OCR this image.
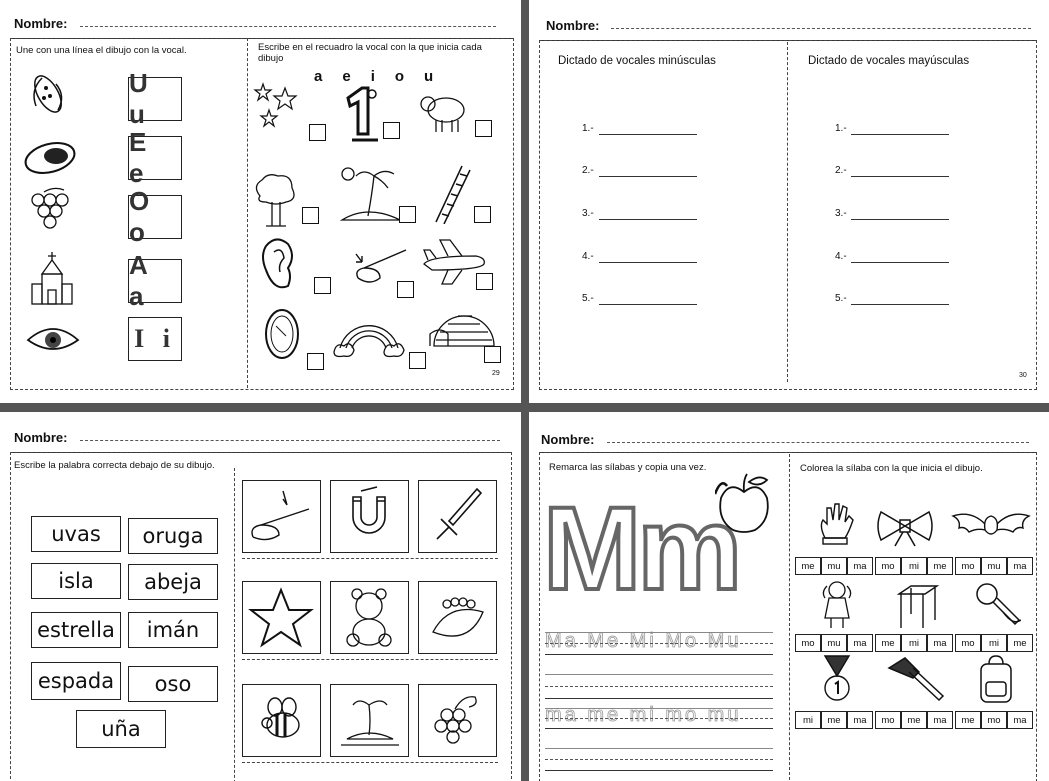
Nombre:
Une con una línea el dibujo con la vocal.	Escribe en el recuadro la vocal con la que inicia cada dibujo
U u
E e
O o
A a
I i
a e i o u
29
Nombre:
Dictado de vocales minúsculas	Dictado de vocales mayúsculas
1.-
2.-
3.-
4.-
5.-
1.-
2.-
3.-
4.-
5.-
30
Nombre:
Escribe la palabra correcta debajo de su dibujo.
uvas	oruga
isla	abeja
estrella	imán
espada	oso
uña
Nombre:
Remarca las sílabas y copia una vez.	Colorea la sílaba con la que inicia el dibujo.
Mm
Ma Me Mi Mo Mu
ma me mi mo mu
me	mu	ma	mo	mi	me	mo	mu	ma
mo	mu	ma	me	mi	ma	mo	mi	me
mi	me	ma	mo	me	ma	me	mo	ma
